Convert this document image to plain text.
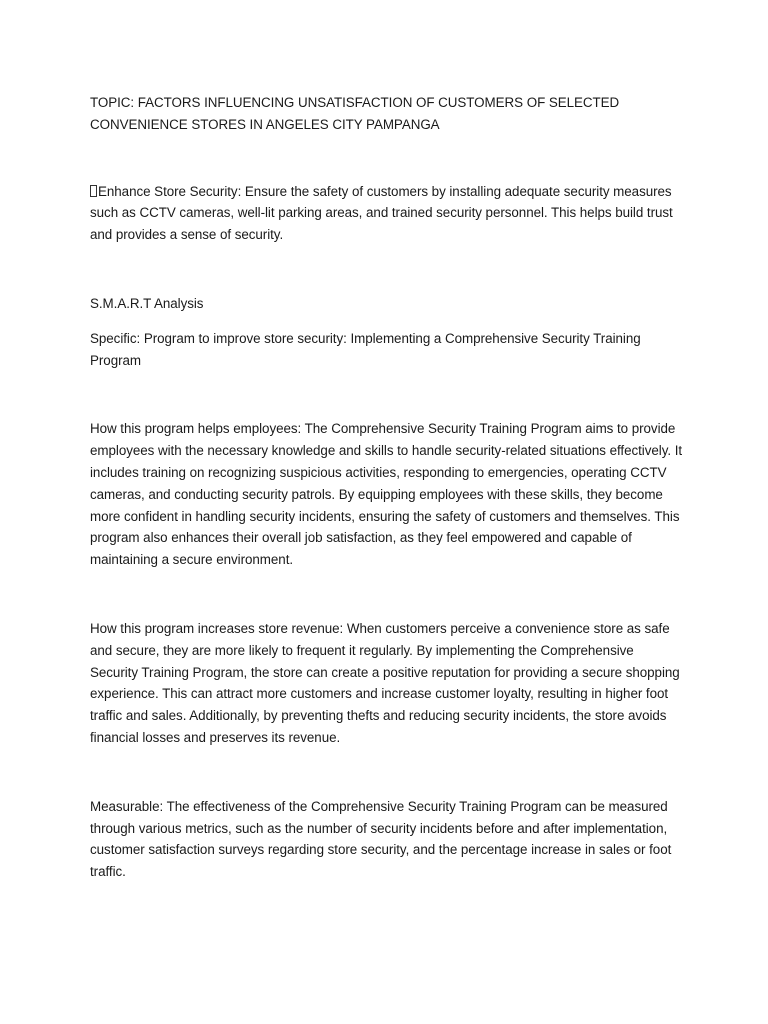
TOPIC: FACTORS INFLUENCING UNSATISFACTION OF CUSTOMERS OF SELECTED CONVENIENCE STORES IN ANGELES CITY PAMPANGA

Enhance Store Security: Ensure the safety of customers by installing adequate security measures such as CCTV cameras, well-lit parking areas, and trained security personnel. This helps build trust and provides a sense of security.

S.M.A.R.T Analysis

Specific: Program to improve store security: Implementing a Comprehensive Security Training Program

How this program helps employees: The Comprehensive Security Training Program aims to provide employees with the necessary knowledge and skills to handle security-related situations effectively. It includes training on recognizing suspicious activities, responding to emergencies, operating CCTV cameras, and conducting security patrols. By equipping employees with these skills, they become more confident in handling security incidents, ensuring the safety of customers and themselves. This program also enhances their overall job satisfaction, as they feel empowered and capable of maintaining a secure environment.

How this program increases store revenue: When customers perceive a convenience store as safe and secure, they are more likely to frequent it regularly. By implementing the Comprehensive Security Training Program, the store can create a positive reputation for providing a secure shopping experience. This can attract more customers and increase customer loyalty, resulting in higher foot traffic and sales. Additionally, by preventing thefts and reducing security incidents, the store avoids financial losses and preserves its revenue.

Measurable: The effectiveness of the Comprehensive Security Training Program can be measured through various metrics, such as the number of security incidents before and after implementation, customer satisfaction surveys regarding store security, and the percentage increase in sales or foot traffic.
